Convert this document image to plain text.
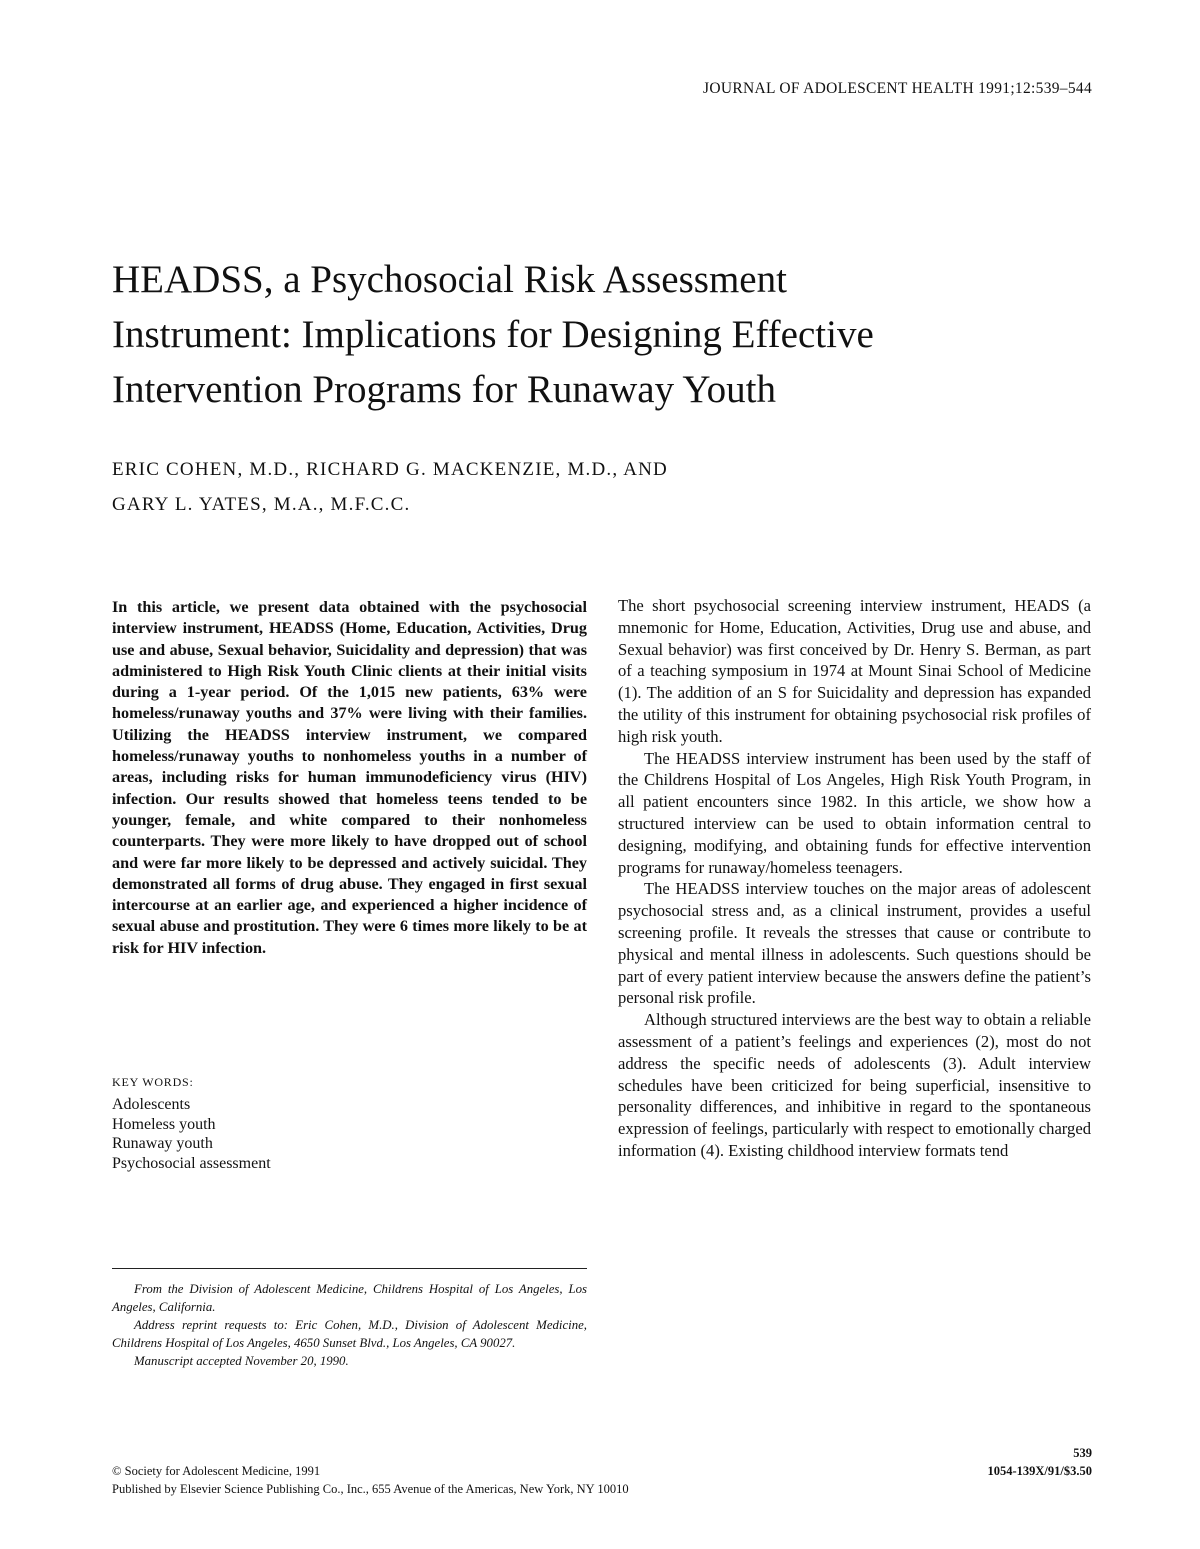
JOURNAL OF ADOLESCENT HEALTH 1991;12:539–544
HEADSS, a Psychosocial Risk Assessment
Instrument: Implications for Designing Effective
Intervention Programs for Runaway Youth
ERIC COHEN, M.D., RICHARD G. MACKENZIE, M.D., AND
GARY L. YATES, M.A., M.F.C.C.

In this article, we present data obtained with the psychosocial interview instrument, HEADSS (Home, Education, Activities, Drug use and abuse, Sexual behavior, Suicidality and depression) that was administered to High Risk Youth Clinic clients at their initial visits during a 1-year period. Of the 1,015 new patients, 63% were homeless/runaway youths and 37% were living with their families. Utilizing the HEADSS interview instrument, we compared homeless/runaway youths to nonhomeless youths in a number of areas, including risks for human immunodeficiency virus (HIV) infection. Our results showed that homeless teens tended to be younger, female, and white compared to their nonhomeless counterparts. They were more likely to have dropped out of school and were far more likely to be depressed and actively suicidal. They demonstrated all forms of drug abuse. They engaged in first sexual intercourse at an earlier age, and experienced a higher incidence of sexual abuse and prostitution. They were 6 times more likely to be at risk for HIV infection.

KEY WORDS:
Adolescents
Homeless youth
Runaway youth
Psychosocial assessment

From the Division of Adolescent Medicine, Childrens Hospital of Los Angeles, Los Angeles, California.

Address reprint requests to: Eric Cohen, M.D., Division of Adolescent Medicine, Childrens Hospital of Los Angeles, 4650 Sunset Blvd., Los Angeles, CA 90027.

Manuscript accepted November 20, 1990.

The short psychosocial screening interview instrument, HEADS (a mnemonic for Home, Education, Activities, Drug use and abuse, and Sexual behavior) was first conceived by Dr. Henry S. Berman, as part of a teaching symposium in 1974 at Mount Sinai School of Medicine (1). The addition of an S for Suicidality and depression has expanded the utility of this instrument for obtaining psychosocial risk profiles of high risk youth.

The HEADSS interview instrument has been used by the staff of the Childrens Hospital of Los Angeles, High Risk Youth Program, in all patient encounters since 1982. In this article, we show how a structured interview can be used to obtain information central to designing, modifying, and obtaining funds for effective intervention programs for runaway/homeless teenagers.

The HEADSS interview touches on the major areas of adolescent psychosocial stress and, as a clinical instrument, provides a useful screening profile. It reveals the stresses that cause or contribute to physical and mental illness in adolescents. Such questions should be part of every patient interview because the answers define the patient’s personal risk profile.

Although structured interviews are the best way to obtain a reliable assessment of a patient’s feelings and experiences (2), most do not address the specific needs of adolescents (3). Adult interview schedules have been criticized for being superficial, insensitive to personality differences, and inhibitive in regard to the spontaneous expression of feelings, particularly with respect to emotionally charged information (4). Existing childhood interview formats tend

© Society for Adolescent Medicine, 1991
Published by Elsevier Science Publishing Co., Inc., 655 Avenue of the Americas, New York, NY 10010
539
1054-139X/91/$3.50
